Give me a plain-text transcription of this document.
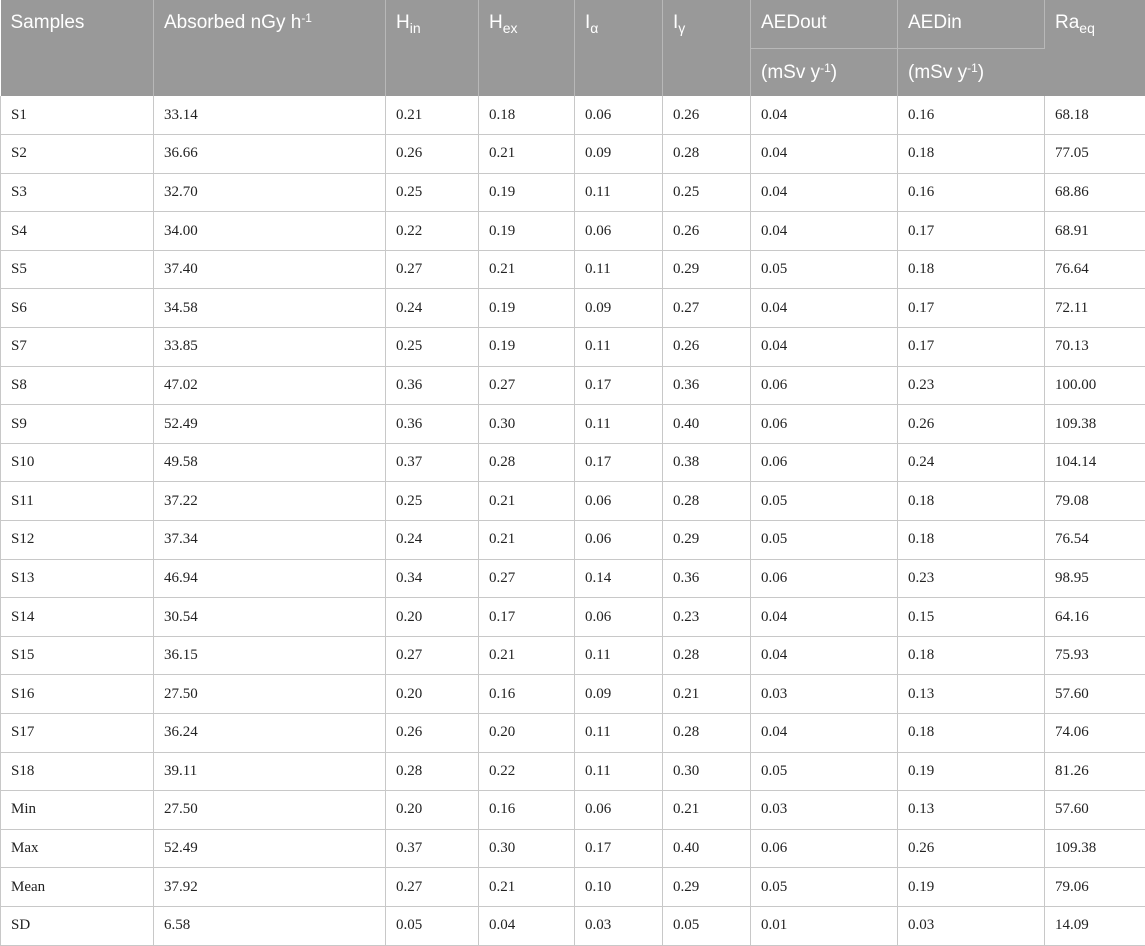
Samples	Absorbed nGy $h^{-1}$	$H_{in}$	$H_{ex}$	$I_\alpha$	$I_\gamma$	AEDout	AEDin	$Ra_{eq}$
						(mSv $y^{-1}$)	(mSv $y^{-1}$)	
S1	33.14	0.21	0.18	0.06	0.26	0.04	0.16	68.18
S2	36.66	0.26	0.21	0.09	0.28	0.04	0.18	77.05
S3	32.70	0.25	0.19	0.11	0.25	0.04	0.16	68.86
S4	34.00	0.22	0.19	0.06	0.26	0.04	0.17	68.91
S5	37.40	0.27	0.21	0.11	0.29	0.05	0.18	76.64
S6	34.58	0.24	0.19	0.09	0.27	0.04	0.17	72.11
S7	33.85	0.25	0.19	0.11	0.26	0.04	0.17	70.13
S8	47.02	0.36	0.27	0.17	0.36	0.06	0.23	100.00
S9	52.49	0.36	0.30	0.11	0.40	0.06	0.26	109.38
S10	49.58	0.37	0.28	0.17	0.38	0.06	0.24	104.14
S11	37.22	0.25	0.21	0.06	0.28	0.05	0.18	79.08
S12	37.34	0.24	0.21	0.06	0.29	0.05	0.18	76.54
S13	46.94	0.34	0.27	0.14	0.36	0.06	0.23	98.95
S14	30.54	0.20	0.17	0.06	0.23	0.04	0.15	64.16
S15	36.15	0.27	0.21	0.11	0.28	0.04	0.18	75.93
S16	27.50	0.20	0.16	0.09	0.21	0.03	0.13	57.60
S17	36.24	0.26	0.20	0.11	0.28	0.04	0.18	74.06
S18	39.11	0.28	0.22	0.11	0.30	0.05	0.19	81.26
Min	27.50	0.20	0.16	0.06	0.21	0.03	0.13	57.60
Max	52.49	0.37	0.30	0.17	0.40	0.06	0.26	109.38
Mean	37.92	0.27	0.21	0.10	0.29	0.05	0.19	79.06
SD	6.58	0.05	0.04	0.03	0.05	0.01	0.03	14.09
